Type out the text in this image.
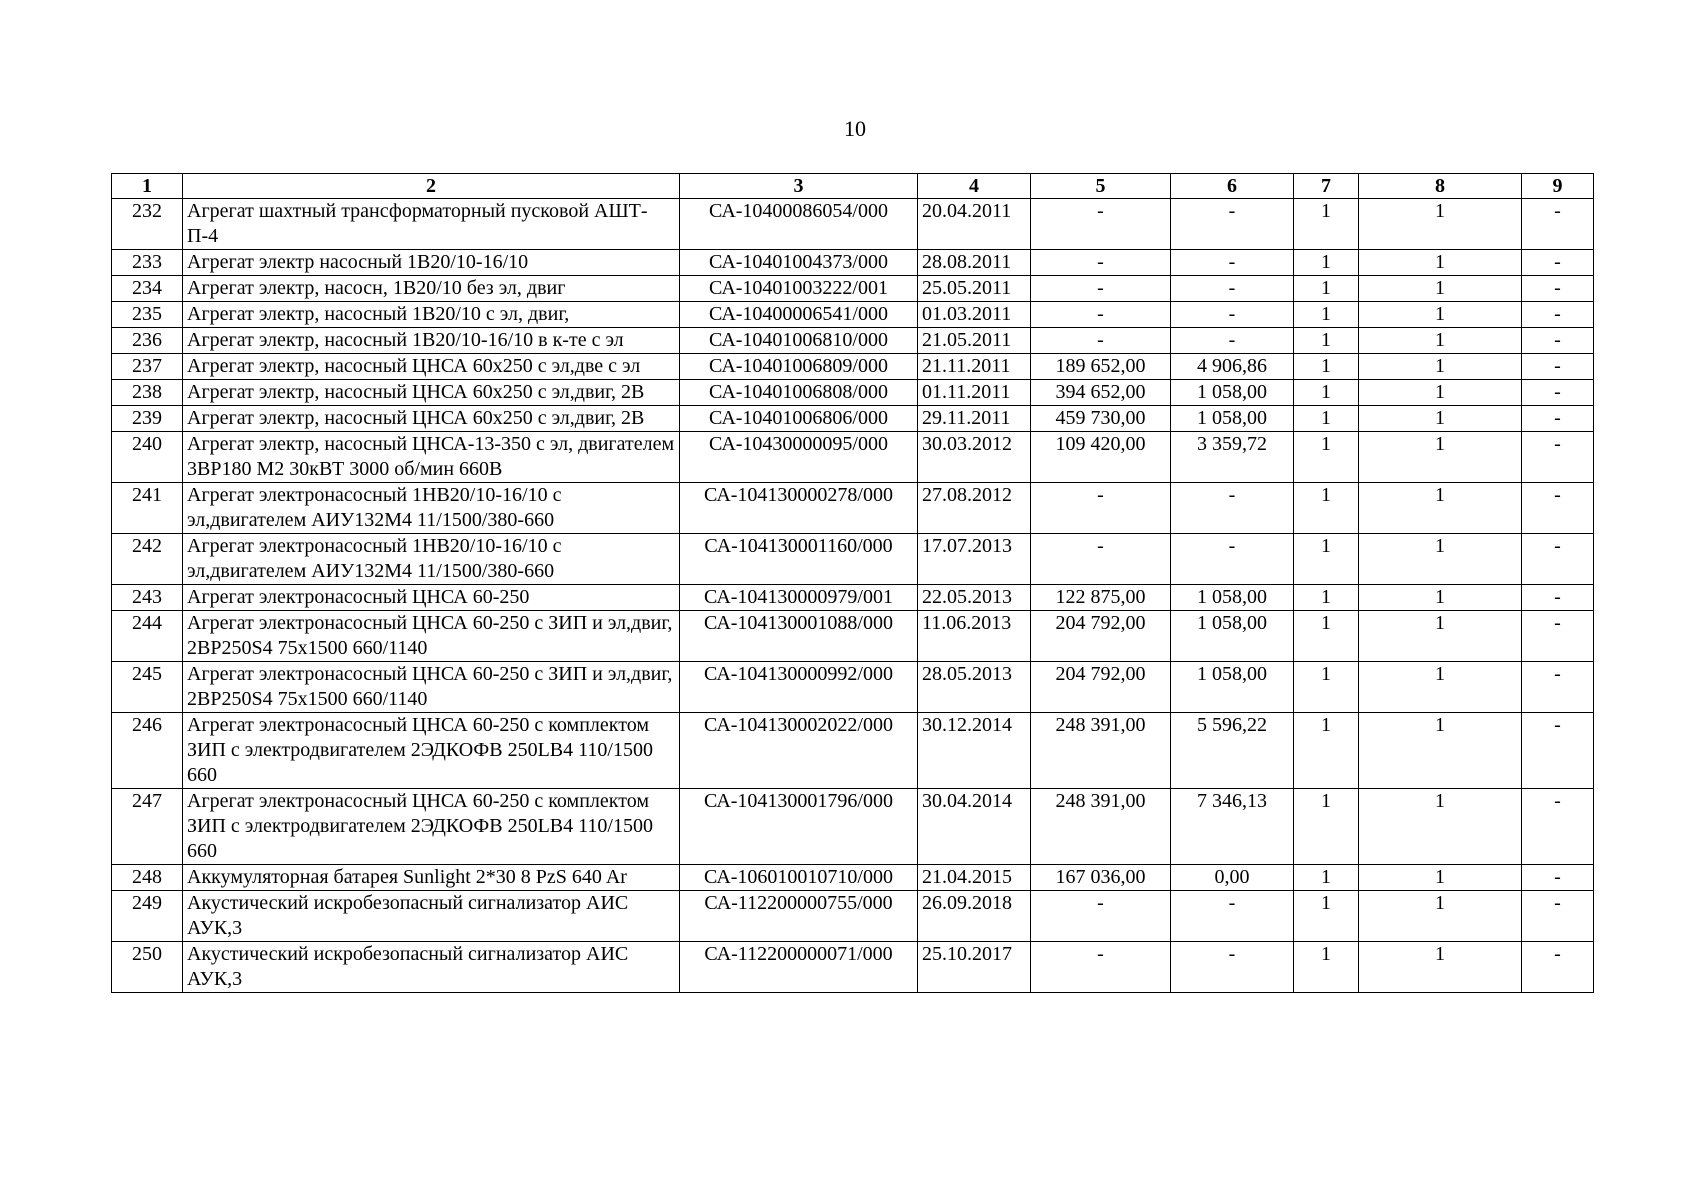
10
1	2	3	4	5	6	7	8	9
232	Агрегат шахтный трансформаторный пусковой АШТ-П-4	СА-10400086054/000	20.04.2011	-	-	1	1	-
233	Агрегат электр насосный 1В20/10-16/10	СА-10401004373/000	28.08.2011	-	-	1	1	-
234	Агрегат электр, насосн, 1В20/10 без эл, двиг	СА-10401003222/001	25.05.2011	-	-	1	1	-
235	Агрегат электр, насосный 1В20/10 с эл, двиг,	СА-10400006541/000	01.03.2011	-	-	1	1	-
236	Агрегат электр, насосный 1В20/10-16/10 в к-те с эл	СА-10401006810/000	21.05.2011	-	-	1	1	-
237	Агрегат электр, насосный ЦНСА 60х250 с эл,две с эл	СА-10401006809/000	21.11.2011	189 652,00	4 906,86	1	1	-
238	Агрегат электр, насосный ЦНСА 60х250 с эл,двиг, 2В	СА-10401006808/000	01.11.2011	394 652,00	1 058,00	1	1	-
239	Агрегат электр, насосный ЦНСА 60х250 с эл,двиг, 2В	СА-10401006806/000	29.11.2011	459 730,00	1 058,00	1	1	-
240	Агрегат электр, насосный ЦНСА-13-350 с эл, двигателем 3ВР180 М2 30кВТ 3000 об/мин 660В	СА-10430000095/000	30.03.2012	109 420,00	3 359,72	1	1	-
241	Агрегат электронасосный 1НВ20/10-16/10 с эл,двигателем АИУ132М4 11/1500/380-660	СА-104130000278/000	27.08.2012	-	-	1	1	-
242	Агрегат электронасосный 1НВ20/10-16/10 с эл,двигателем АИУ132М4 11/1500/380-660	СА-104130001160/000	17.07.2013	-	-	1	1	-
243	Агрегат электронасосный ЦНСА 60-250	СА-104130000979/001	22.05.2013	122 875,00	1 058,00	1	1	-
244	Агрегат электронасосный ЦНСА 60-250 с ЗИП и эл,двиг, 2ВР250S4 75х1500 660/1140	СА-104130001088/000	11.06.2013	204 792,00	1 058,00	1	1	-
245	Агрегат электронасосный ЦНСА 60-250 с ЗИП и эл,двиг, 2ВР250S4 75х1500 660/1140	СА-104130000992/000	28.05.2013	204 792,00	1 058,00	1	1	-
246	Агрегат электронасосный ЦНСА 60-250 с комплектом ЗИП с электродвигателем 2ЭДКОФВ 250LB4 110/1500 660	СА-104130002022/000	30.12.2014	248 391,00	5 596,22	1	1	-
247	Агрегат электронасосный ЦНСА 60-250 с комплектом ЗИП с электродвигателем 2ЭДКОФВ 250LB4 110/1500 660	СА-104130001796/000	30.04.2014	248 391,00	7 346,13	1	1	-
248	Аккумуляторная батарея Sunlight 2*30 8 PzS 640 Ar	СА-106010010710/000	21.04.2015	167 036,00	0,00	1	1	-
249	Акустический искробезопасный сигнализатор АИС АУК,3	СА-112200000755/000	26.09.2018	-	-	1	1	-
250	Акустический искробезопасный сигнализатор АИС АУК,3	СА-112200000071/000	25.10.2017	-	-	1	1	-
